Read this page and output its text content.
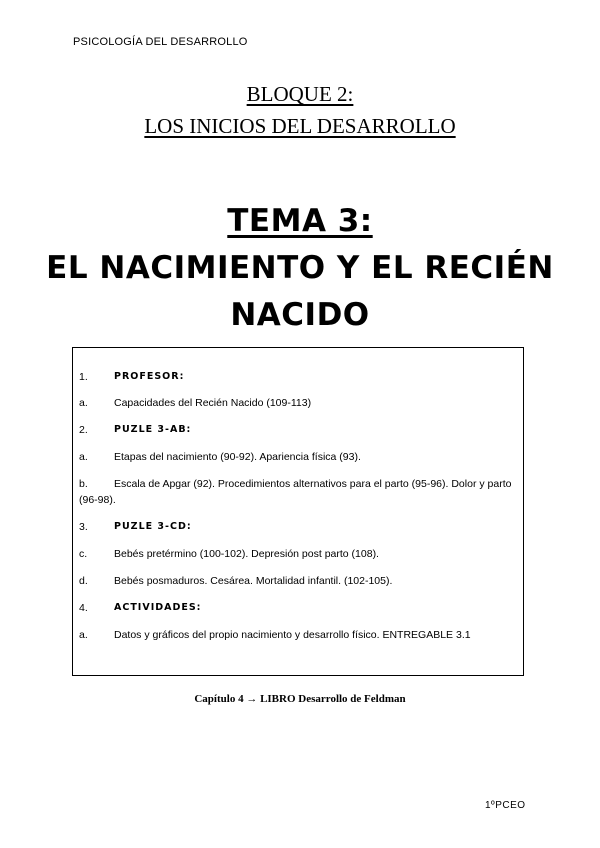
PSICOLOGÍA DEL DESARROLLO
BLOQUE 2:
LOS INICIOS DEL DESARROLLO
TEMA 3:
EL NACIMIENTO Y EL RECIÉN
NACIDO
1.	PROFESOR:
a.	Capacidades del Recién Nacido (109-113)
2.	PUZLE 3-AB:
a.	Etapas del nacimiento (90-92). Apariencia física (93).
b.	Escala de Apgar (92). Procedimientos alternativos para el parto (95-96). Dolor y parto (96-98).
3.	PUZLE 3-CD:
c.	Bebés pretérmino (100-102). Depresión post parto (108).
d.	Bebés posmaduros. Cesárea. Mortalidad infantil. (102-105).
4.	ACTIVIDADES:
a.	Datos y gráficos del propio nacimiento y desarrollo físico. ENTREGABLE 3.1
Capítulo 4 → LIBRO Desarrollo de Feldman
1ºPCEO
